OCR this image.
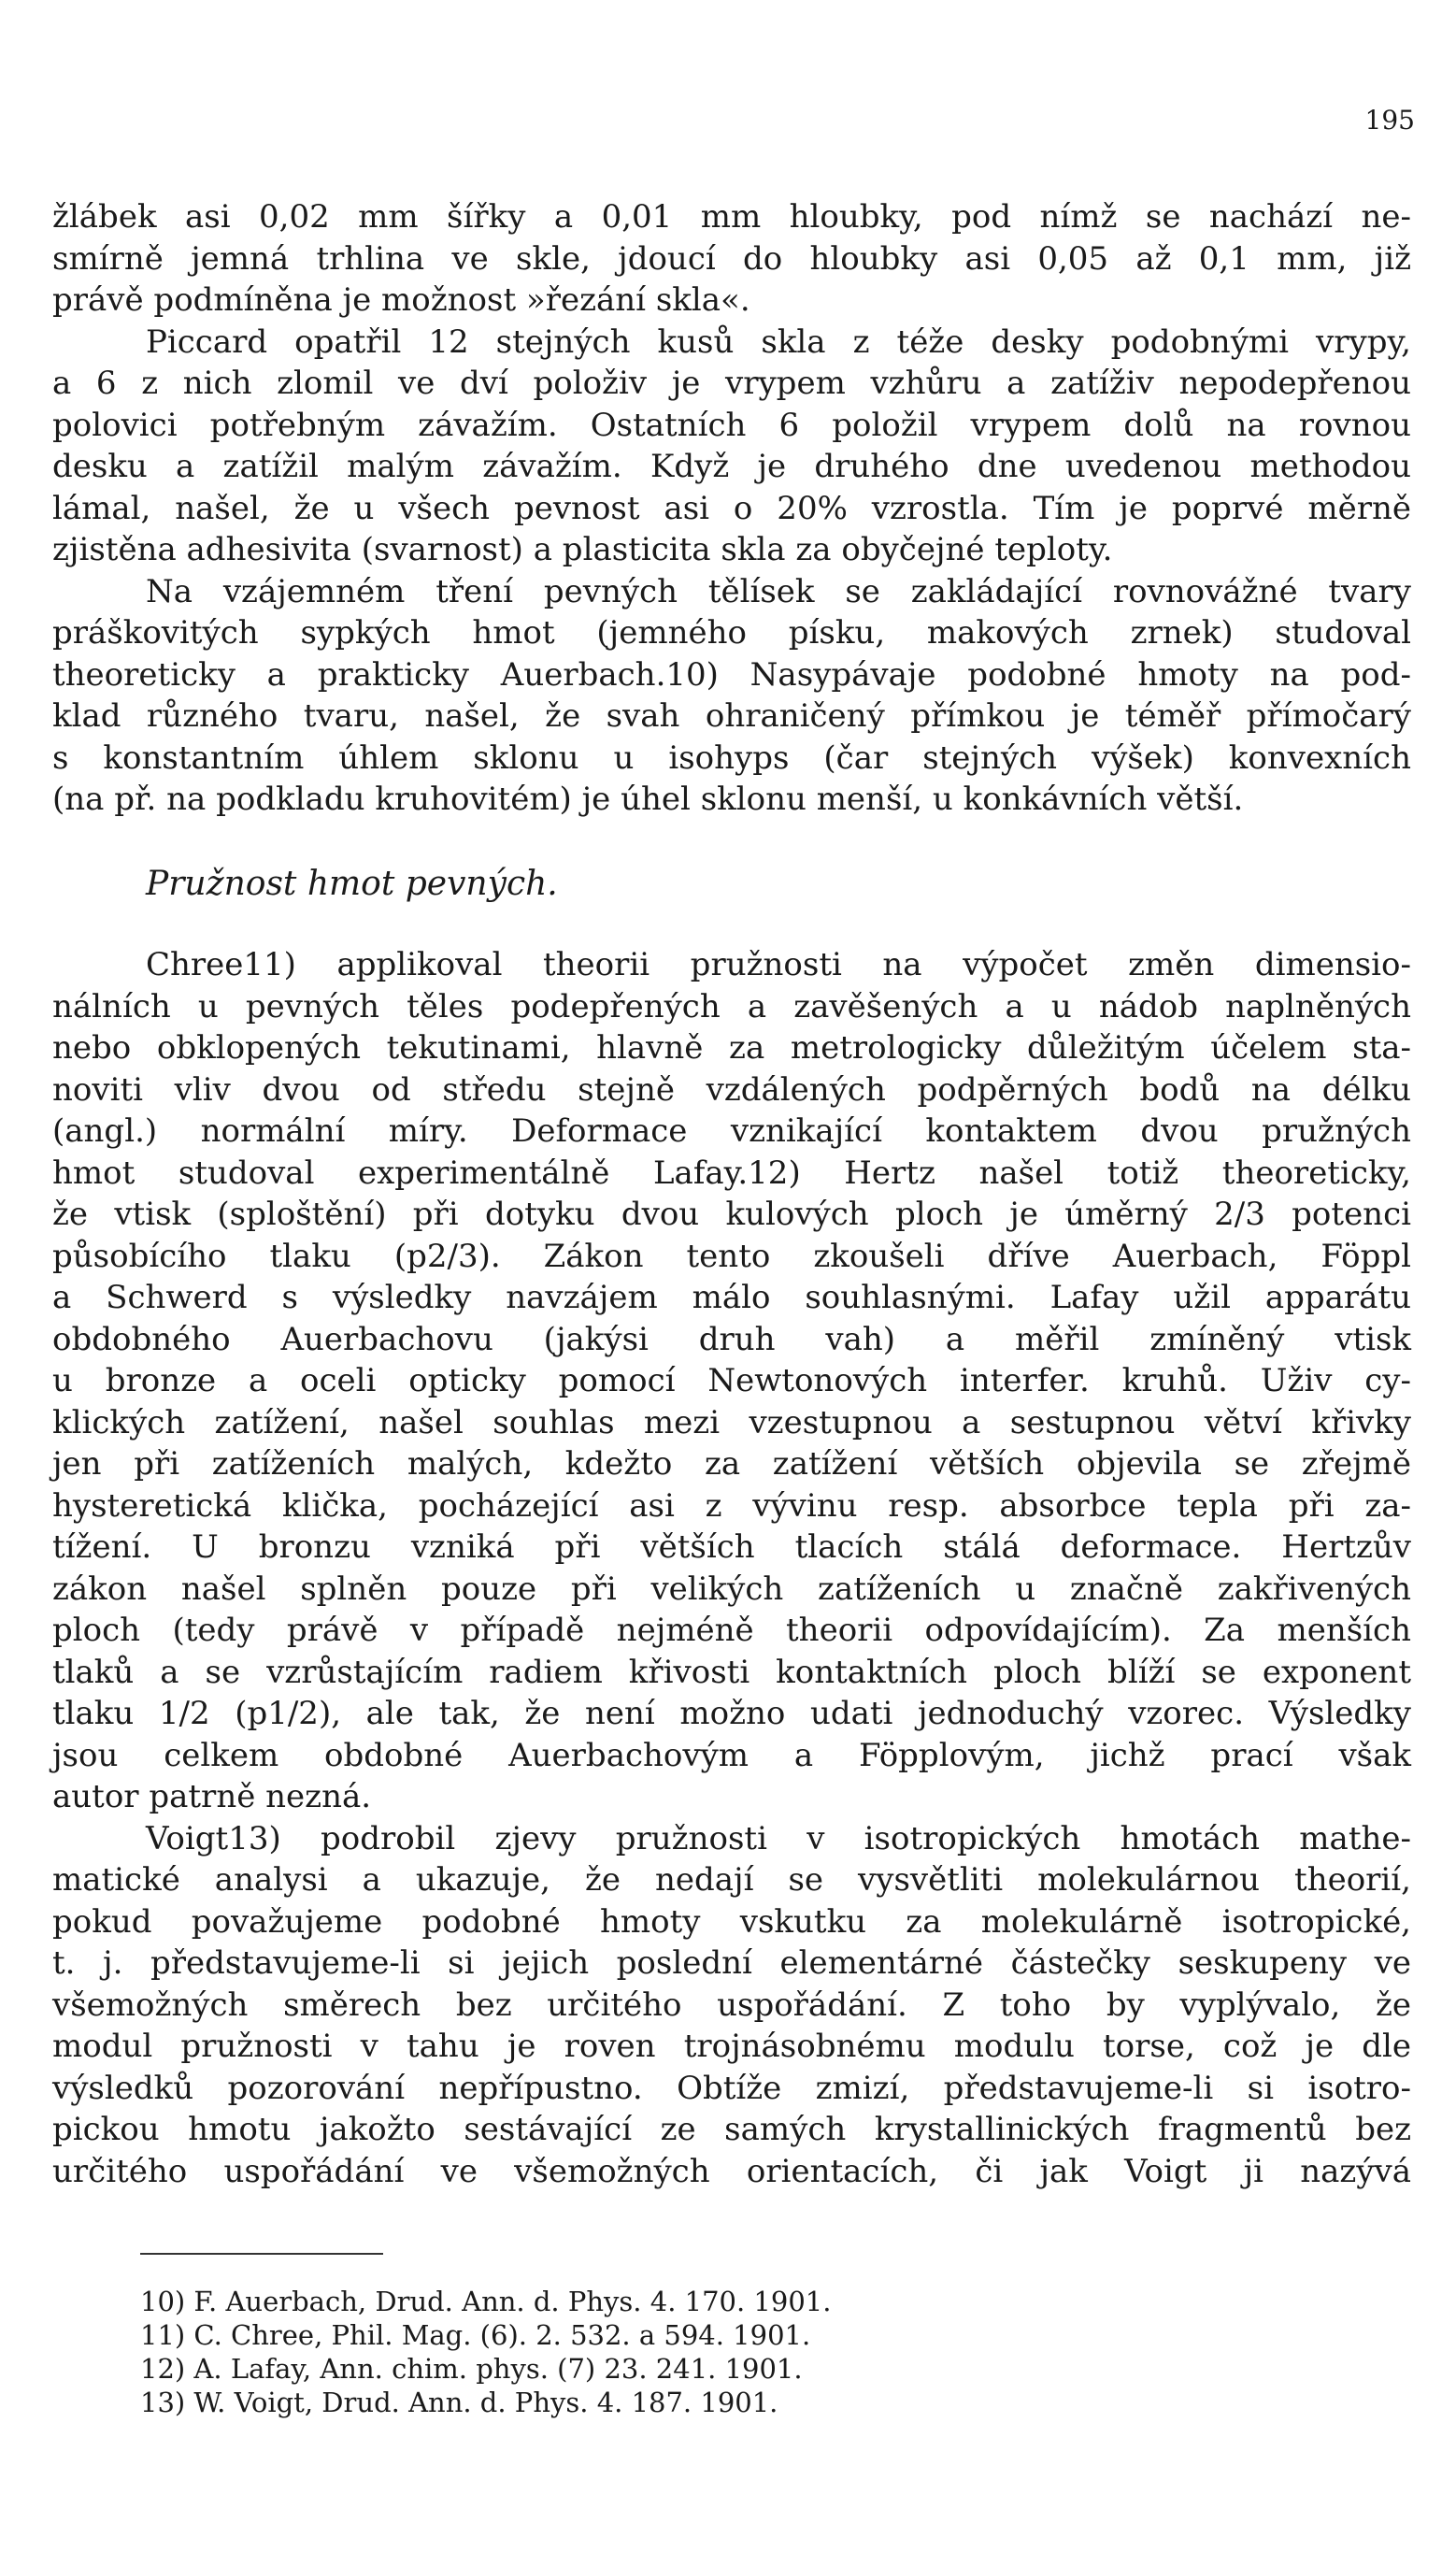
195
žlábek asi 0,02 mm šířky a 0,01 mm hloubky, pod nímž se nachází ne-
smírně jemná trhlina ve skle, jdoucí do hloubky asi 0,05 až 0,1 mm, již
právě podmíněna je možnost »řezání skla«.
Piccard opatřil 12 stejných kusů skla z téže desky podobnými vrypy,
a 6 z nich zlomil ve dví položiv je vrypem vzhůru a zatíživ nepodepřenou
polovici potřebným závažím. Ostatních 6 položil vrypem dolů na rovnou
desku a zatížil malým závažím. Když je druhého dne uvedenou methodou
lámal, našel, že u všech pevnost asi o 20% vzrostla. Tím je poprvé měrně
zjistěna adhesivita (svarnost) a plasticita skla za obyčejné teploty.
Na vzájemném tření pevných tělísek se zakládající rovnovážné tvary
práškovitých sypkých hmot (jemného písku, makových zrnek) studoval
theoreticky a prakticky Auerbach.10) Nasypávaje podobné hmoty na pod-
klad různého tvaru, našel, že svah ohraničený přímkou je téměř přímočarý
s konstantním úhlem sklonu u isohyps (čar stejných výšek) konvexních
(na př. na podkladu kruhovitém) je úhel sklonu menší, u konkávních větší.
Pružnost hmot pevných.
Chree11) applikoval theorii pružnosti na výpočet změn dimensio-
nálních u pevných těles podepřených a zavěšených a u nádob naplněných
nebo obklopených tekutinami, hlavně za metrologicky důležitým účelem sta-
noviti vliv dvou od středu stejně vzdálených podpěrných bodů na délku
(angl.) normální míry. Deformace vznikající kontaktem dvou pružných
hmot studoval experimentálně Lafay.12) Hertz našel totiž theoreticky,
že vtisk (sploštění) při dotyku dvou kulových ploch je úměrný 2/3 potenci
působícího tlaku (p2/3). Zákon tento zkoušeli dříve Auerbach, Föppl
a Schwerd s výsledky navzájem málo souhlasnými. Lafay užil apparátu
obdobného Auerbachovu (jakýsi druh vah) a měřil zmíněný vtisk
u bronze a oceli opticky pomocí Newtonových interfer. kruhů. Uživ cy-
klických zatížení, našel souhlas mezi vzestupnou a sestupnou větví křivky
jen při zatíženích malých, kdežto za zatížení větších objevila se zřejmě
hysteretická klička, pocházející asi z vývinu resp. absorbce tepla při za-
tížení. U bronzu vzniká při větších tlacích stálá deformace. Hertzův
zákon našel splněn pouze při velikých zatíženích u značně zakřivených
ploch (tedy právě v případě nejméně theorii odpovídajícím). Za menších
tlaků a se vzrůstajícím radiem křivosti kontaktních ploch blíží se exponent
tlaku 1/2 (p1/2), ale tak, že není možno udati jednoduchý vzorec. Výsledky
jsou celkem obdobné Auerbachovým a Föpplovým, jichž prací však
autor patrně nezná.
Voigt13) podrobil zjevy pružnosti v isotropických hmotách mathe-
matické analysi a ukazuje, že nedají se vysvětliti molekulárnou theorií,
pokud považujeme podobné hmoty vskutku za molekulárně isotropické,
t. j. představujeme-li si jejich poslední elementárné částečky seskupeny ve
všemožných směrech bez určitého uspořádání. Z toho by vyplývalo, že
modul pružnosti v tahu je roven trojnásobnému modulu torse, což je dle
výsledků pozorování nepřípustno. Obtíže zmizí, představujeme-li si isotro-
pickou hmotu jakožto sestávající ze samých krystallinických fragmentů bez
určitého uspořádání ve všemožných orientacích, či jak Voigt ji nazývá
10) F. Auerbach, Drud. Ann. d. Phys. 4. 170. 1901.
11) C. Chree, Phil. Mag. (6). 2. 532. a 594. 1901.
12) A. Lafay, Ann. chim. phys. (7) 23. 241. 1901.
13) W. Voigt, Drud. Ann. d. Phys. 4. 187. 1901.
